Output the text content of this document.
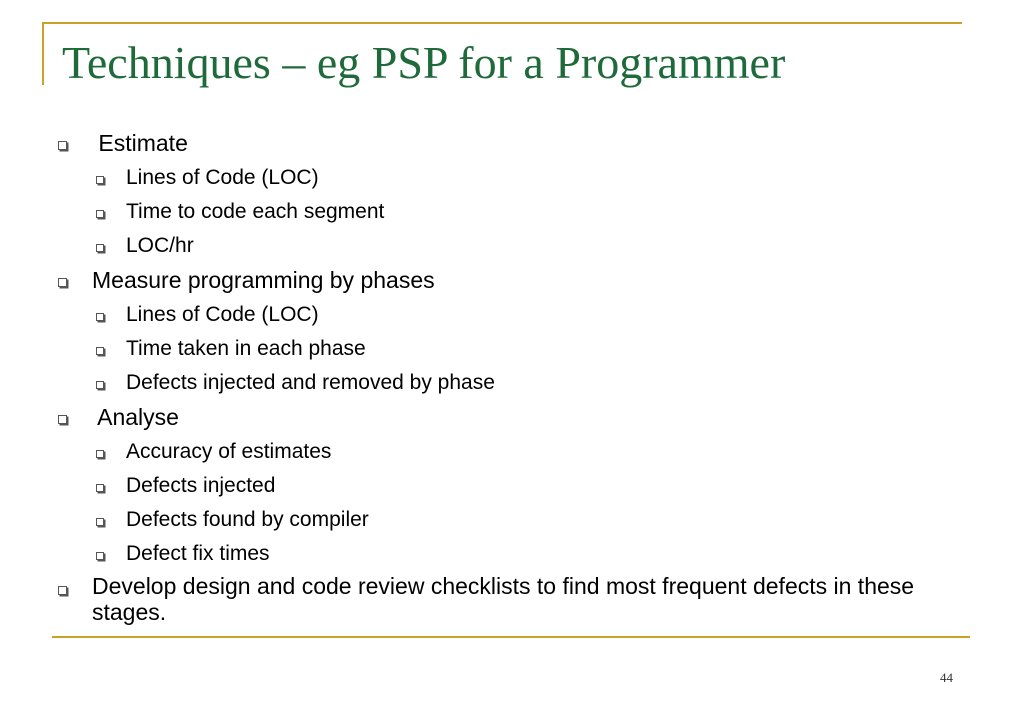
Techniques – eg PSP for a Programmer
Estimate
Lines of Code (LOC)
Time to code each segment
LOC/hr
Measure programming by phases
Lines of Code (LOC)
Time taken in each phase
Defects injected and removed by phase
Analyse
Accuracy of estimates
Defects injected
Defects found by compiler
Defect fix times
Develop design and code review checklists to find most frequent defects in these stages.
44
